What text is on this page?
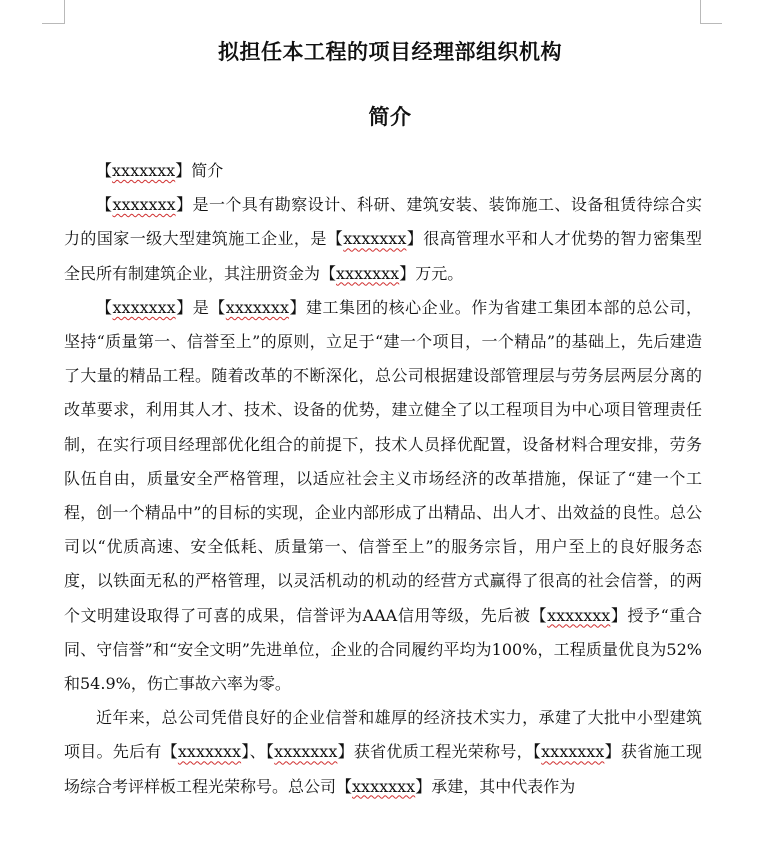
拟担任本工程的项目经理部组织机构
简介

【xxxxxxx】简介

【xxxxxxx】是一个具有勘察设计、科研、建筑安装、装饰施工、设备租赁待综合实力的国家一级大型建筑施工企业，是【xxxxxxx】很高管理水平和人才优势的智力密集型全民所有制建筑企业，其注册资金为【xxxxxxx】万元。

【xxxxxxx】是【xxxxxxx】建工集团的核心企业。作为省建工集团本部的总公司，坚持“质量第一、信誉至上”的原则，立足于“建一个项目，一个精品”的基础上，先后建造了大量的精品工程。随着改革的不断深化，总公司根据建设部管理层与劳务层两层分离的改革要求，利用其人才、技术、设备的优势，建立健全了以工程项目为中心项目管理责任制，在实行项目经理部优化组合的前提下，技术人员择优配置，设备材料合理安排，劳务队伍自由，质量安全严格管理，以适应社会主义市场经济的改革措施，保证了“建一个工程，创一个精品中”的目标的实现，企业内部形成了出精品、出人才、出效益的良性。总公司以“优质高速、安全低耗、质量第一、信誉至上”的服务宗旨，用户至上的良好服务态度，以铁面无私的严格管理，以灵活机动的机动的经营方式赢得了很高的社会信誉，的两个文明建设取得了可喜的成果，信誉评为AAA信用等级，先后被【xxxxxxx】授予“重合同、守信誉”和“安全文明”先进单位，企业的合同履约平均为100%，工程质量优良为52%和54.9%，伤亡事故六率为零。

近年来，总公司凭借良好的企业信誉和雄厚的经济技术实力，承建了大批中小型建筑项目。先后有【xxxxxxx】、【xxxxxxx】获省优质工程光荣称号，【xxxxxxx】获省施工现场综合考评样板工程光荣称号。总公司【xxxxxxx】承建，其中代表作为
